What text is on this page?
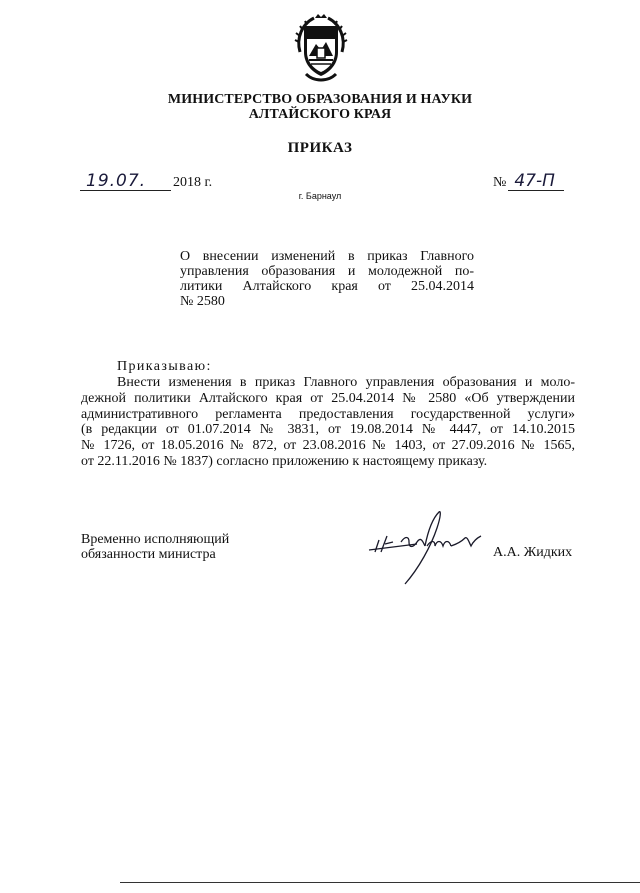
МИНИСТЕРСТВО ОБРАЗОВАНИЯ И НАУКИ
АЛТАЙСКОГО КРАЯ
ПРИКАЗ
19.07.	2018 г.	№ 47-П
г. Барнаул
О внесении изменений в приказ Главного
управления образования и молодежной по-
литики Алтайского края от 25.04.2014
№ 2580
Приказываю:
Внести изменения в приказ Главного управления образования и моло-
дежной политики Алтайского края от 25.04.2014 № 2580 «Об утверждении
административного регламента предоставления государственной услуги»
(в редакции от 01.07.2014 № 3831, от 19.08.2014 № 4447, от 14.10.2015
№ 1726, от 18.05.2016 № 872, от 23.08.2016 № 1403, от 27.09.2016 № 1565,
от 22.11.2016 № 1837) согласно приложению к настоящему приказу.
Временно исполняющий
обязанности министра	А.А. Жидких
